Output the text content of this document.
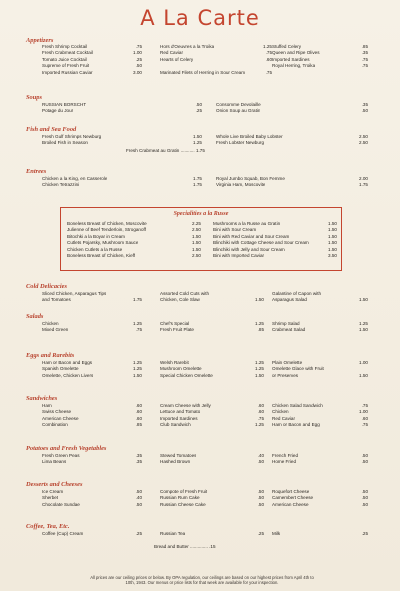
A La Carte
Appetizers
Fresh Shrimp Cocktail	.75
Fresh Crabmeat Cocktail	1.00
Tomato Juice Cocktail	.25
Supreme of Fresh Fruit	.50
Imported Russian Caviar	3.00
Hors d'Oeuvres a la Troika	1.25
Red Caviar	.75
Hearts of Celery	.60
Marinated Filets of Herring in Sour Cream	.75
Stuffed Celery	.85
Queen and Ripe Olives	.35
Imported Sardines	.75
Royal Herring, Troika	.75
Soups
RUSSIAN BORSCHT	.50
Potage du Jour	.25
Consomme Devolaille	.35
Onion Soup au Gratin	.50
Fish and Sea Food
Fresh Gulf Shrimps Newburg	1.50
Broiled Fish in Season	1.25
Whole Live Broiled Baby Lobster	2.50
Fresh Lobster Newburg	2.50
Fresh Crabmeat au Gratin ........... 1.75
Entrees
Chicken a la King, en Casserole	1.75
Chicken Tetrazzini	1.75
Royal Jumbo Squab, Bon Femme	2.00
Virginia Ham, Moscovite	1.75
Specialities a la Russe
Boneless Breast of Chicken, Moscovite	2.25
Julienne of Beef Tenderloin, Stroganoff	2.50
Bitochki a la Boyar in Cream	1.50
Cutlets Pojarsky, Mushroom Sauce	1.50
Chicken Cutlets a la Russe	1.50
Boneless Breast of Chicken, Kieff	2.50
Mushrooms a la Russe au Gratin	1.50
Bini with Sour Cream	1.50
Bini with Red Caviar and Sour Cream	1.50
Blinchiki with Cottage Cheese and Sour Cream	1.50
Blinchiki with Jelly and Sour Cream	1.50
Bini with Imported Caviar	3.50
Cold Delicacies
Sliced Chicken, Asparagus Tips
and Tomatoes	1.75
Assorted Cold Cuts with
Chicken, Cole Slaw	1.50
Galantine of Capon with
Asparagus Salad	1.50
Salads
Chicken	1.25
Mixed Green	.75
Chef's Special	1.25
Fresh Fruit Plate	.85
Shrimp Salad	1.25
Crabmeat Salad	1.50
Eggs and Rarebits
Ham or Bacon and Eggs	1.25
Spanish Omelette	1.25
Omelette, Chicken Livers	1.50
Welsh Rarebit	1.25
Mushroom Omelette	1.25
Special Chicken Omelette	1.50
Plain Omelette	1.00
Omelette Glace with Fruit
or Preserves	1.50
Sandwiches
Ham	.60
Swiss Cheese	.60
American Cheese	.60
Combination	.85
Cream Cheese with Jelly	.60
Lettuce and Tomato	.60
Imported Sardines	.75
Club Sandwich	1.25
Chicken Salad Sandwich	.75
Chicken	1.00
Red Caviar	.60
Ham or Bacon and Egg	.75
Potatoes and Fresh Vegetables
Fresh Green Peas	.35
Lima Beans	.35
Stewed Tomatoes	.40
Hashed Brown	.50
French Fried	.50
Home Fried	.50
Desserts and Cheeses
Ice Cream	.50
Sherbet	.40
Chocolate Sundae	.50
Compote of Fresh Fruit	.50
Russian Rum Cake	.50
Russian Cheese Cake	.50
Roquefort Cheese	.50
Camembert Cheese	.50
American Cheese	.50
Coffee, Tea, Etc.
Coffee (Cup) Cream	.25	Russian Tea	.25 Milk	.25
Bread and Butter .............. .15
All prices are our ceiling prices or below. By OPA regulation, our ceilings are based on our highest prices from April 4th to 10th, 1943. Our menus or price lists for that week are available for your inspection.
